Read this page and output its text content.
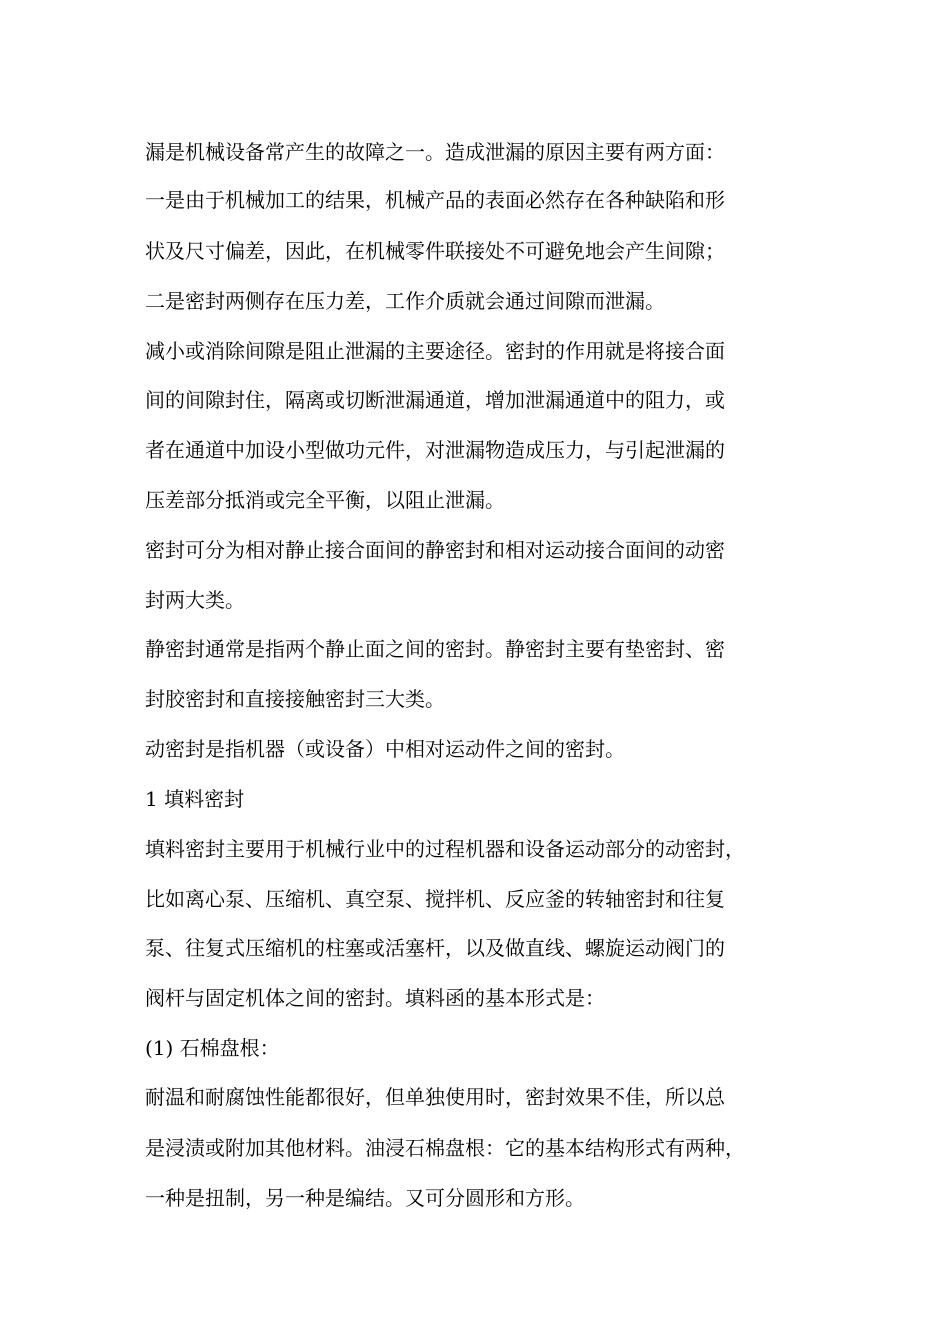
漏是机械设备常产生的故障之一。造成泄漏的原因主要有两方面：
一是由于机械加工的结果，机械产品的表面必然存在各种缺陷和形
状及尺寸偏差，因此，在机械零件联接处不可避免地会产生间隙；
二是密封两侧存在压力差，工作介质就会通过间隙而泄漏。
减小或消除间隙是阻止泄漏的主要途径。密封的作用就是将接合面
间的间隙封住，隔离或切断泄漏通道，增加泄漏通道中的阻力，或
者在通道中加设小型做功元件，对泄漏物造成压力，与引起泄漏的
压差部分抵消或完全平衡，以阻止泄漏。
密封可分为相对静止接合面间的静密封和相对运动接合面间的动密
封两大类。
静密封通常是指两个静止面之间的密封。静密封主要有垫密封、密
封胶密封和直接接触密封三大类。
动密封是指机器（或设备）中相对运动件之间的密封。
1 填料密封
填料密封主要用于机械行业中的过程机器和设备运动部分的动密封，
比如离心泵、压缩机、真空泵、搅拌机、反应釜的转轴密封和往复
泵、往复式压缩机的柱塞或活塞杆，以及做直线、螺旋运动阀门的
阀杆与固定机体之间的密封。填料函的基本形式是：
(1) 石棉盘根：
耐温和耐腐蚀性能都很好，但单独使用时，密封效果不佳，所以总
是浸渍或附加其他材料。油浸石棉盘根：它的基本结构形式有两种，
一种是扭制，另一种是编结。又可分圆形和方形。
